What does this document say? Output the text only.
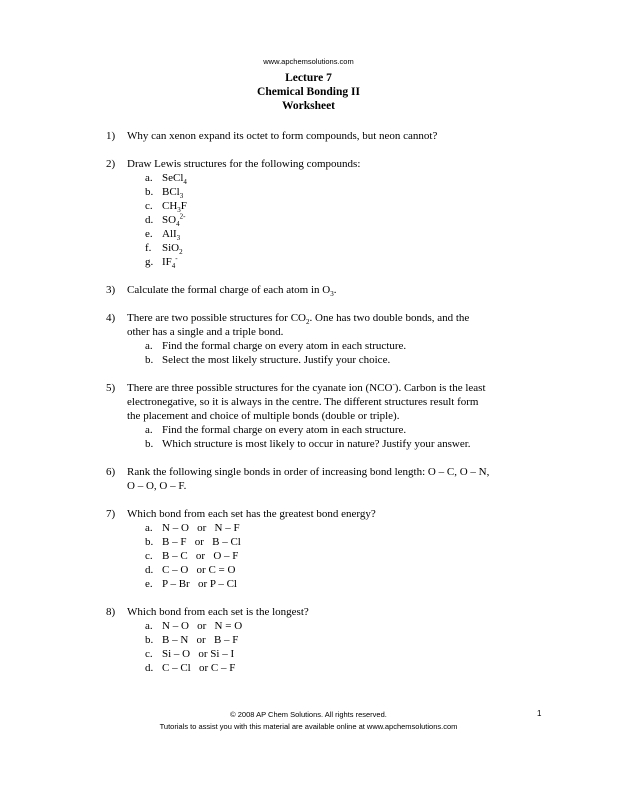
www.apchemsolutions.com
Lecture 7
Chemical Bonding II
Worksheet
1)	Why can xenon expand its octet to form compounds, but neon cannot?
2)	Draw Lewis structures for the following compounds:
a. SeCl$_4$
b. BCl$_3$
c. $CH_3F$
d. $SO_4^{2-}$
e. AlI$_3$
f. SiO$_2$
g. $IF_4^-$
3)	Calculate the formal charge of each atom in $O_3$.
4)	There are two possible structures for $CO_2$. One has two double bonds, and the
other has a single and a triple bond.
a. Find the formal charge on every atom in each structure.
b. Select the most likely structure. Justify your choice.
5)	There are three possible structures for the cyanate ion (NCO-). Carbon is the least
electronegative, so it is always in the centre. The different structures result form
the placement and choice of multiple bonds (double or triple).
a. Find the formal charge on every atom in each structure.
b. Which structure is most likely to occur in nature? Justify your answer.
6)	Rank the following single bonds in order of increasing bond length: O – C, O – N,
O – O, O – F.
7)	Which bond from each set has the greatest bond energy?
a. N – O   or   N – F
b. B – F   or   B – Cl
c. B – C   or   O – F
d. C – O   or C = O
e. P – Br   or P – Cl
8)	Which bond from each set is the longest?
a. N – O   or   N = O
b. B – N   or   B – F
c. Si – O   or Si – I
d. C – Cl   or C – F
© 2008 AP Chem Solutions. All rights reserved.
Tutorials to assist you with this material are available online at www.apchemsolutions.com
1
